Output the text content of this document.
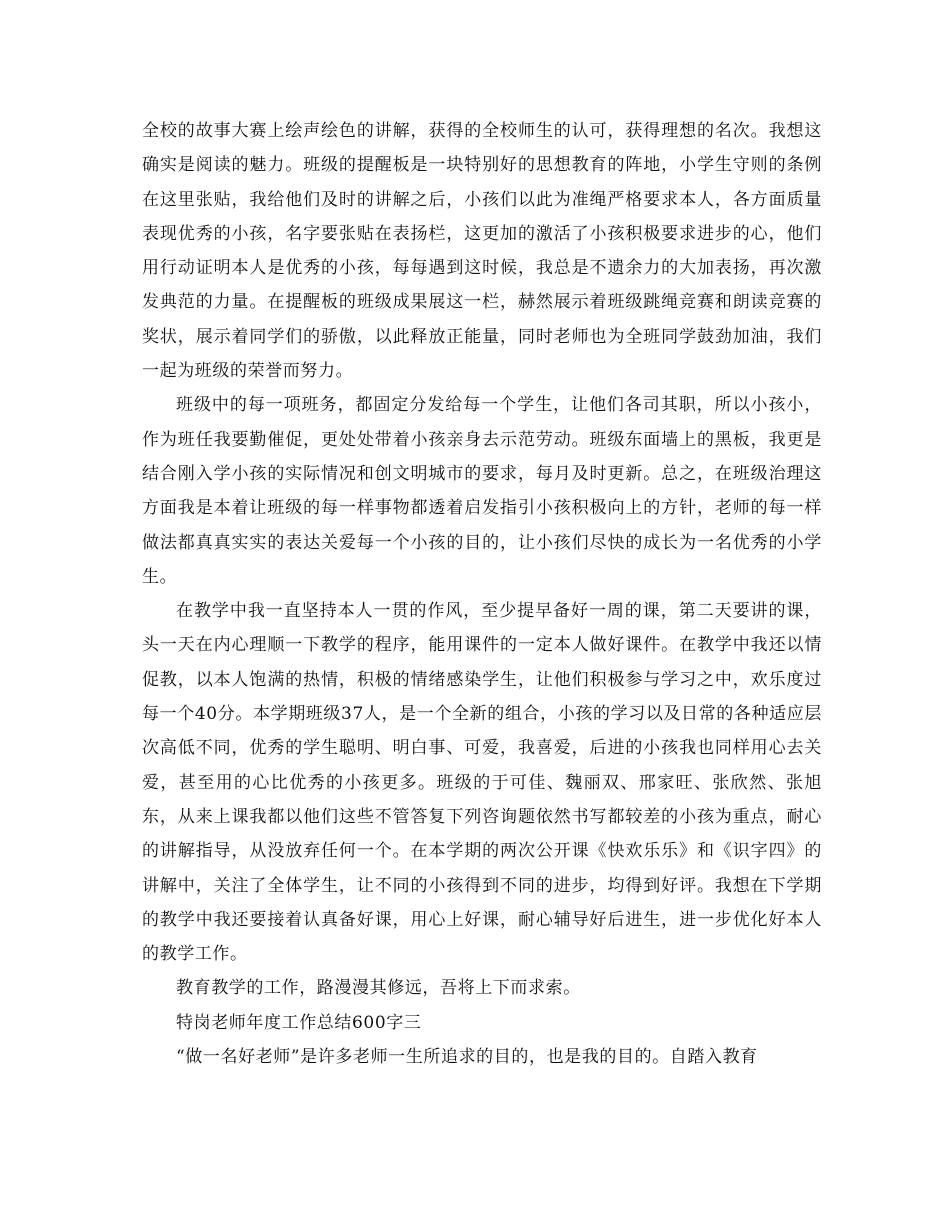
全校的故事大赛上绘声绘色的讲解，获得的全校师生的认可，获得理想的名次。我想这确实是阅读的魅力。班级的提醒板是一块特别好的思想教育的阵地，小学生守则的条例在这里张贴，我给他们及时的讲解之后，小孩们以此为准绳严格要求本人，各方面质量表现优秀的小孩，名字要张贴在表扬栏，这更加的激活了小孩积极要求进步的心，他们用行动证明本人是优秀的小孩，每每遇到这时候，我总是不遗余力的大加表扬，再次激发典范的力量。在提醒板的班级成果展这一栏，赫然展示着班级跳绳竞赛和朗读竞赛的奖状，展示着同学们的骄傲，以此释放正能量，同时老师也为全班同学鼓劲加油，我们一起为班级的荣誉而努力。

班级中的每一项班务，都固定分发给每一个学生，让他们各司其职，所以小孩小，作为班任我要勤催促，更处处带着小孩亲身去示范劳动。班级东面墙上的黑板，我更是结合刚入学小孩的实际情况和创文明城市的要求，每月及时更新。总之，在班级治理这方面我是本着让班级的每一样事物都透着启发指引小孩积极向上的方针，老师的每一样做法都真真实实的表达关爱每一个小孩的目的，让小孩们尽快的成长为一名优秀的小学生。

在教学中我一直坚持本人一贯的作风，至少提早备好一周的课，第二天要讲的课，头一天在内心理顺一下教学的程序，能用课件的一定本人做好课件。在教学中我还以情促教，以本人饱满的热情，积极的情绪感染学生，让他们积极参与学习之中，欢乐度过每一个40分。本学期班级37人，是一个全新的组合，小孩的学习以及日常的各种适应层次高低不同，优秀的学生聪明、明白事、可爱，我喜爱，后进的小孩我也同样用心去关爱，甚至用的心比优秀的小孩更多。班级的于可佳、魏丽双、邢家旺、张欣然、张旭东，从来上课我都以他们这些不管答复下列咨询题依然书写都较差的小孩为重点，耐心的讲解指导，从没放弃任何一个。在本学期的两次公开课《快欢乐乐》和《识字四》的讲解中，关注了全体学生，让不同的小孩得到不同的进步，均得到好评。我想在下学期的教学中我还要接着认真备好课，用心上好课，耐心辅导好后进生，进一步优化好本人的教学工作。

教育教学的工作，路漫漫其修远，吾将上下而求索。

特岗老师年度工作总结600字三

“做一名好老师”是许多老师一生所追求的目的，也是我的目的。自踏入教育
